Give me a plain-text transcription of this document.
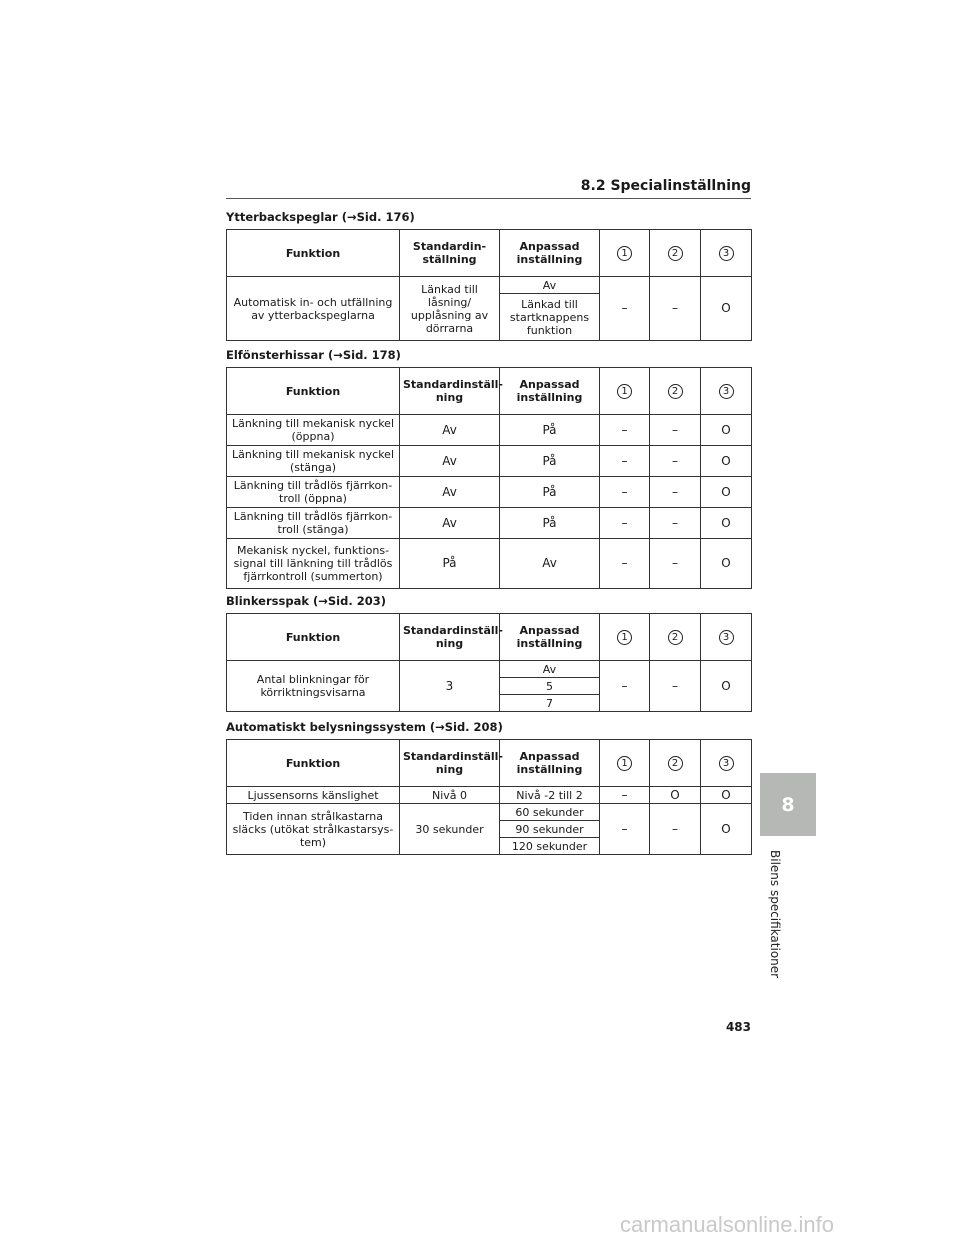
8.2 Specialinställning
Ytterbackspeglar (→Sid. 176)
Funktion	Standardin-ställning	Anpassad inställning	1	2	3
Automatisk in- och utfällning av ytterbackspeglarna	Länkad till låsning/ upplåsning av dörrarna	Av	–	–	O
		Länkad till startknappens funktion			
Elfönsterhissar (→Sid. 178)
Funktion	Standardinställ-ning	Anpassad inställning	1	2	3
Länkning till mekanisk nyckel (öppna)	Av	På	–	–	O
Länkning till mekanisk nyckel (stänga)	Av	På	–	–	O
Länkning till trådlös fjärrkon-troll (öppna)	Av	På	–	–	O
Länkning till trådlös fjärrkon-troll (stänga)	Av	På	–	–	O
Mekanisk nyckel, funktions-signal till länkning till trådlös fjärrkontroll (summerton)	På	Av	–	–	O
Blinkersspak (→Sid. 203)
Funktion	Standardinställ-ning	Anpassad inställning	1	2	3
Antal blinkningar för körriktningsvisarna	3	Av	–	–	O
		5			
		7			
Automatiskt belysningssystem (→Sid. 208)
Funktion	Standardinställ-ning	Anpassad inställning	1	2	3
Ljussensorns känslighet	Nivå 0	Nivå -2 till 2	–	O	O
Tiden innan strålkastarna släcks (utökat strålkastarsys-tem)	30 sekunder	60 sekunder	–	–	O
		90 sekunder			
		120 sekunder			
8
Bilens specifikationer
483
carmanualsonline.info
